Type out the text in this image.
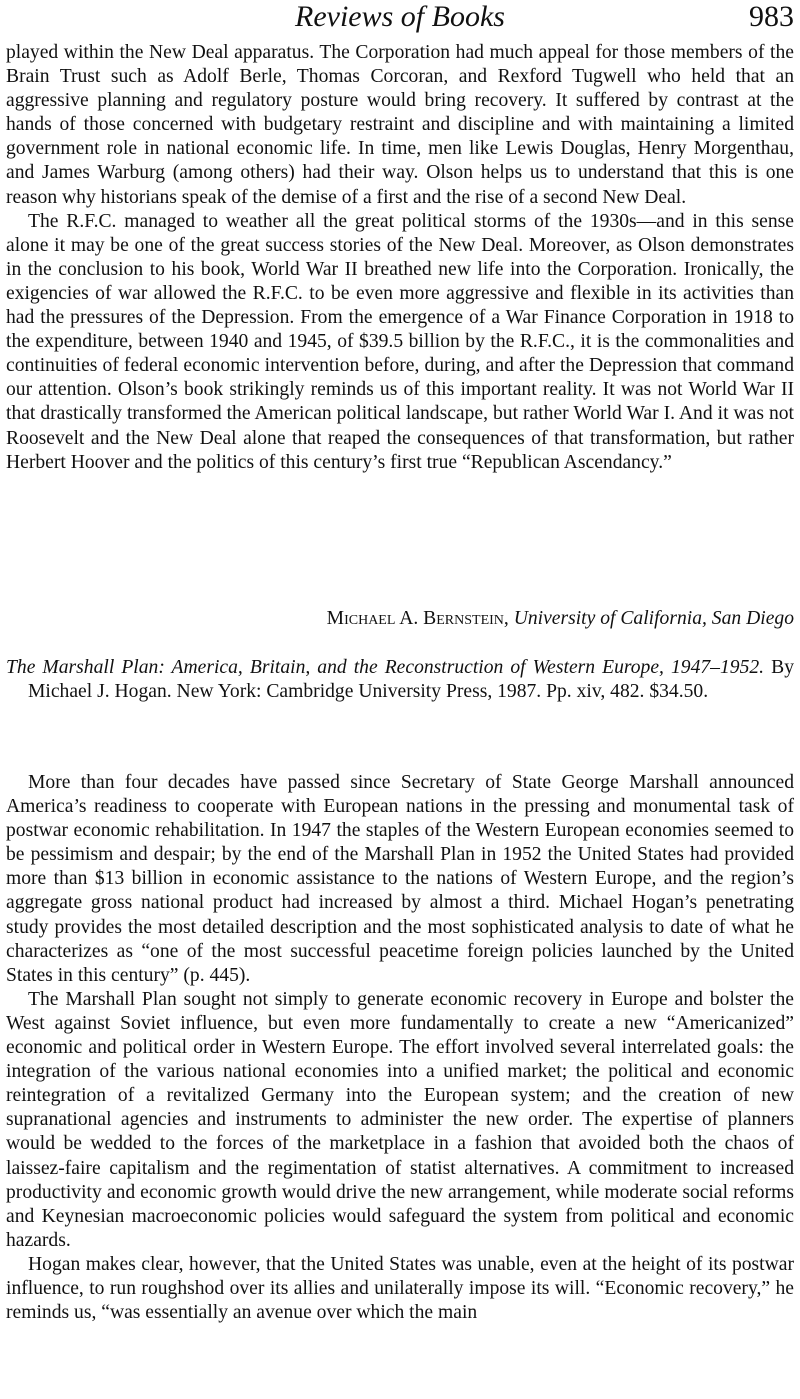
Reviews of Books	983

played within the New Deal apparatus. The Corporation had much appeal for those members of the Brain Trust such as Adolf Berle, Thomas Corcoran, and Rexford Tugwell who held that an aggressive planning and regulatory posture would bring recovery. It suffered by contrast at the hands of those concerned with budgetary restraint and discipline and with maintaining a limited government role in national economic life. In time, men like Lewis Douglas, Henry Morgenthau, and James Warburg (among others) had their way. Olson helps us to understand that this is one reason why historians speak of the demise of a first and the rise of a second New Deal.

The R.F.C. managed to weather all the great political storms of the 1930s—and in this sense alone it may be one of the great success stories of the New Deal. Moreover, as Olson demonstrates in the conclusion to his book, World War II breathed new life into the Corporation. Ironically, the exigencies of war allowed the R.F.C. to be even more aggressive and flexible in its activities than had the pressures of the Depression. From the emergence of a War Finance Corporation in 1918 to the expenditure, between 1940 and 1945, of $39.5 billion by the R.F.C., it is the commonalities and continuities of federal economic intervention before, during, and after the Depression that command our attention. Olson’s book strikingly reminds us of this important reality. It was not World War II that drastically transformed the American political landscape, but rather World War I. And it was not Roosevelt and the New Deal alone that reaped the consequences of that transformation, but rather Herbert Hoover and the politics of this century’s first true “Republican Ascendancy.”

Michael A. Bernstein, University of California, San Diego
The Marshall Plan: America, Britain, and the Reconstruction of Western Europe, 1947–1952. By Michael J. Hogan. New York: Cambridge University Press, 1987. Pp. xiv, 482. $34.50.

More than four decades have passed since Secretary of State George Marshall announced America’s readiness to cooperate with European nations in the pressing and monumental task of postwar economic rehabilitation. In 1947 the staples of the Western European economies seemed to be pessimism and despair; by the end of the Marshall Plan in 1952 the United States had provided more than $13 billion in economic assistance to the nations of Western Europe, and the region’s aggregate gross national product had increased by almost a third. Michael Hogan’s penetrating study provides the most detailed description and the most sophisticated analysis to date of what he characterizes as “one of the most successful peacetime foreign policies launched by the United States in this century” (p. 445).

The Marshall Plan sought not simply to generate economic recovery in Europe and bolster the West against Soviet influence, but even more fundamentally to create a new “Americanized” economic and political order in Western Europe. The effort involved several interrelated goals: the integration of the various national economies into a unified market; the political and economic reintegration of a revitalized Germany into the European system; and the creation of new supranational agencies and instruments to administer the new order. The expertise of planners would be wedded to the forces of the marketplace in a fashion that avoided both the chaos of laissez-faire capitalism and the regimentation of statist alternatives. A commitment to increased productivity and economic growth would drive the new arrangement, while moderate social reforms and Keynesian macroeconomic policies would safeguard the system from political and economic hazards.

Hogan makes clear, however, that the United States was unable, even at the height of its postwar influence, to run roughshod over its allies and unilaterally impose its will. “Economic recovery,” he reminds us, “was essentially an avenue over which the main
